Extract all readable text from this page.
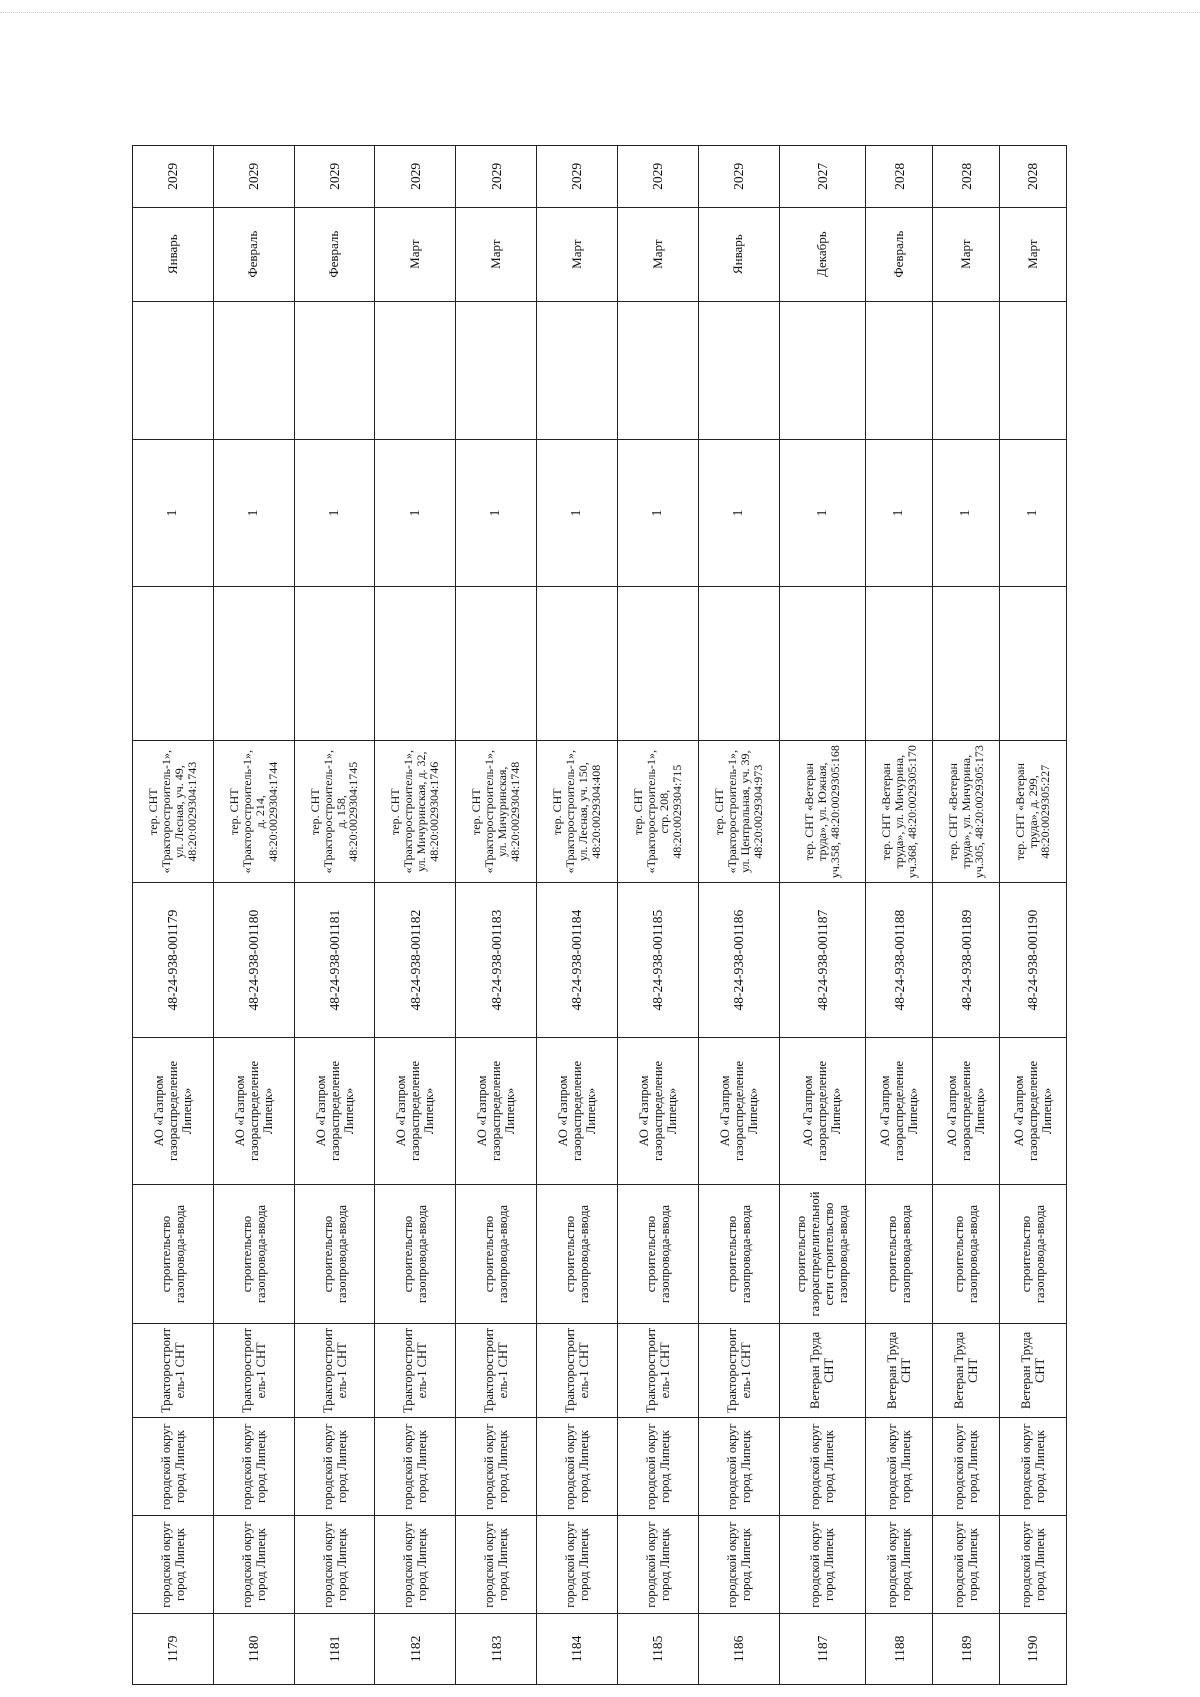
1179	городской округ город Липецк	городской округ город Липецк	Тракторостроитель-1 СНТ	строительство газопровода-ввода	АО «Газпром газораспределение Липецк»	48-24-938-001179	тер. СНТ «Тракторостроитель-1», ул. Лесная, уч. 49, 48:20:0029304:1743		1		Январь	2029
1180	городской округ город Липецк	городской округ город Липецк	Тракторостроитель-1 СНТ	строительство газопровода-ввода	АО «Газпром газораспределение Липецк»	48-24-938-001180	тер. СНТ «Тракторостроитель-1», д. 214, 48:20:0029304:1744		1		Февраль	2029
1181	городской округ город Липецк	городской округ город Липецк	Тракторостроитель-1 СНТ	строительство газопровода-ввода	АО «Газпром газораспределение Липецк»	48-24-938-001181	тер. СНТ «Тракторостроитель-1», д. 158, 48:20:0029304:1745		1		Февраль	2029
1182	городской округ город Липецк	городской округ город Липецк	Тракторостроитель-1 СНТ	строительство газопровода-ввода	АО «Газпром газораспределение Липецк»	48-24-938-001182	тер. СНТ «Тракторостроитель-1», ул. Мичуринская, д. 32, 48:20:0029304:1746		1		Март	2029
1183	городской округ город Липецк	городской округ город Липецк	Тракторостроитель-1 СНТ	строительство газопровода-ввода	АО «Газпром газораспределение Липецк»	48-24-938-001183	тер. СНТ «Тракторостроитель-1», ул. Мичуринская, 48:20:0029304:1748		1		Март	2029
1184	городской округ город Липецк	городской округ город Липецк	Тракторостроитель-1 СНТ	строительство газопровода-ввода	АО «Газпром газораспределение Липецк»	48-24-938-001184	тер. СНТ «Тракторостроитель-1», ул. Лесная, уч. 150, 48:20:0029304:408		1		Март	2029
1185	городской округ город Липецк	городской округ город Липецк	Тракторостроитель-1 СНТ	строительство газопровода-ввода	АО «Газпром газораспределение Липецк»	48-24-938-001185	тер. СНТ «Тракторостроитель-1», стр. 208, 48:20:0029304:715		1		Март	2029
1186	городской округ город Липецк	городской округ город Липецк	Тракторостроитель-1 СНТ	строительство газопровода-ввода	АО «Газпром газораспределение Липецк»	48-24-938-001186	тер. СНТ «Тракторостроитель-1», ул. Центральная, уч. 39, 48:20:0029304:973		1		Январь	2029
1187	городской округ город Липецк	городской округ город Липецк	Ветеран Труда СНТ	строительство газораспределительной сети строительство газопровода-ввода	АО «Газпром газораспределение Липецк»	48-24-938-001187	тер. СНТ «Ветеран труда», ул. Южная, уч.358, 48:20:0029305:168		1		Декабрь	2027
1188	городской округ город Липецк	городской округ город Липецк	Ветеран Труда СНТ	строительство газопровода-ввода	АО «Газпром газораспределение Липецк»	48-24-938-001188	тер. СНТ «Ветеран труда», ул. Мичурина, уч.368, 48:20:0029305:170		1		Февраль	2028
1189	городской округ город Липецк	городской округ город Липецк	Ветеран Труда СНТ	строительство газопровода-ввода	АО «Газпром газораспределение Липецк»	48-24-938-001189	тер. СНТ «Ветеран труда», ул. Мичурина, уч.305, 48:20:0029305:173		1		Март	2028
1190	городской округ город Липецк	городской округ город Липецк	Ветеран Труда СНТ	строительство газопровода-ввода	АО «Газпром газораспределение Липецк»	48-24-938-001190	тер. СНТ «Ветеран труда», д. 299, 48:20:0029305:227		1		Март	2028
